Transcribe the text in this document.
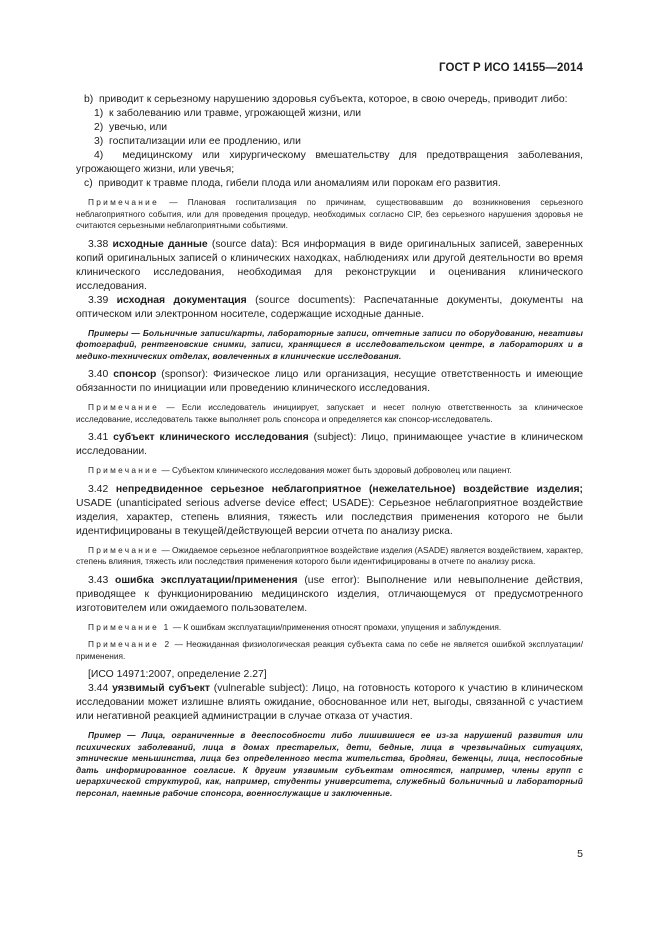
ГОСТ Р ИСО 14155—2014

b)  приводит к серьезному нарушению здоровья субъекта, которое, в свою очередь, приводит либо:

1)  к заболеванию или травме, угрожающей жизни, или

2)  увечью, или

3)  госпитализации или ее продлению, или

4)  медицинскому или хирургическому вмешательству для предотвращения заболевания, угрожающего жизни, или увечья;

c)  приводит к травме плода, гибели плода или аномалиям или порокам его развития.

Примечание — Плановая госпитализация по причинам, существовавшим до возникновения серьезного неблагоприятного события, или для проведения процедур, необходимых согласно CIP, без серьезного нарушения здоровья не считаются серьезными неблагоприятными событиями.

3.38 исходные данные (source data): Вся информация в виде оригинальных записей, заверенных копий оригинальных записей о клинических находках, наблюдениях или другой деятельности во время клинического исследования, необходимая для реконструкции и оценивания клинического исследования.

3.39 исходная документация (source documents): Распечатанные документы, документы на оптическом или электронном носителе, содержащие исходные данные.

Примеры — Больничные записи/карты, лабораторные записи, отчетные записи по оборудованию, негативы фотографий, рентгеновские снимки, записи, хранящиеся в исследовательском центре, в лабораториях и в медико-технических отделах, вовлеченных в клинические исследования.

3.40 спонсор (sponsor): Физическое лицо или организация, несущие ответственность и имеющие обязанности по инициации или проведению клинического исследования.

Примечание — Если исследователь инициирует, запускает и несет полную ответственность за клиническое исследование, исследователь также выполняет роль спонсора и определяется как спонсор-исследователь.

3.41 субъект клинического исследования (subject): Лицо, принимающее участие в клиническом исследовании.

Примечание — Субъектом клинического исследования может быть здоровый доброволец или пациент.

3.42 непредвиденное серьезное неблагоприятное (нежелательное) воздействие изделия; USADE (unanticipated serious adverse device effect; USADE): Серьезное неблагоприятное воздействие изделия, характер, степень влияния, тяжесть или последствия применения которого не были идентифицированы в текущей/действующей версии отчета по анализу риска.

Примечание — Ожидаемое серьезное неблагоприятное воздействие изделия (ASADE) является воздействием, характер, степень влияния, тяжесть или последствия применения которого были идентифицированы в отчете по анализу риска.

3.43 ошибка эксплуатации/применения (use error): Выполнение или невыполнение действия, приводящее к функционированию медицинского изделия, отличающемуся от предусмотренного изготовителем или ожидаемого пользователем.

Примечание 1 — К ошибкам эксплуатации/применения относят промахи, упущения и заблуждения.

Примечание 2 — Неожиданная физиологическая реакция субъекта сама по себе не является ошибкой эксплуатации/применения.

[ИСО 14971:2007, определение 2.27]

3.44 уязвимый субъект (vulnerable subject): Лицо, на готовность которого к участию в клиническом исследовании может излишне влиять ожидание, обоснованное или нет, выгоды, связанной с участием или негативной реакцией администрации в случае отказа от участия.

Пример — Лица, ограниченные в дееспособности либо лишившиеся ее из-за нарушений развития или психических заболеваний, лица в домах престарелых, дети, бедные, лица в чрезвычайных ситуациях, этнические меньшинства, лица без определенного места жительства, бродяги, беженцы, лица, неспособные дать информированное согласие. К другим уязвимым субъектам относятся, например, члены групп с иерархической структурой, как, например, студенты университета, служебный больничный и лабораторный персонал, наемные рабочие спонсора, военнослужащие и заключенные.

5
